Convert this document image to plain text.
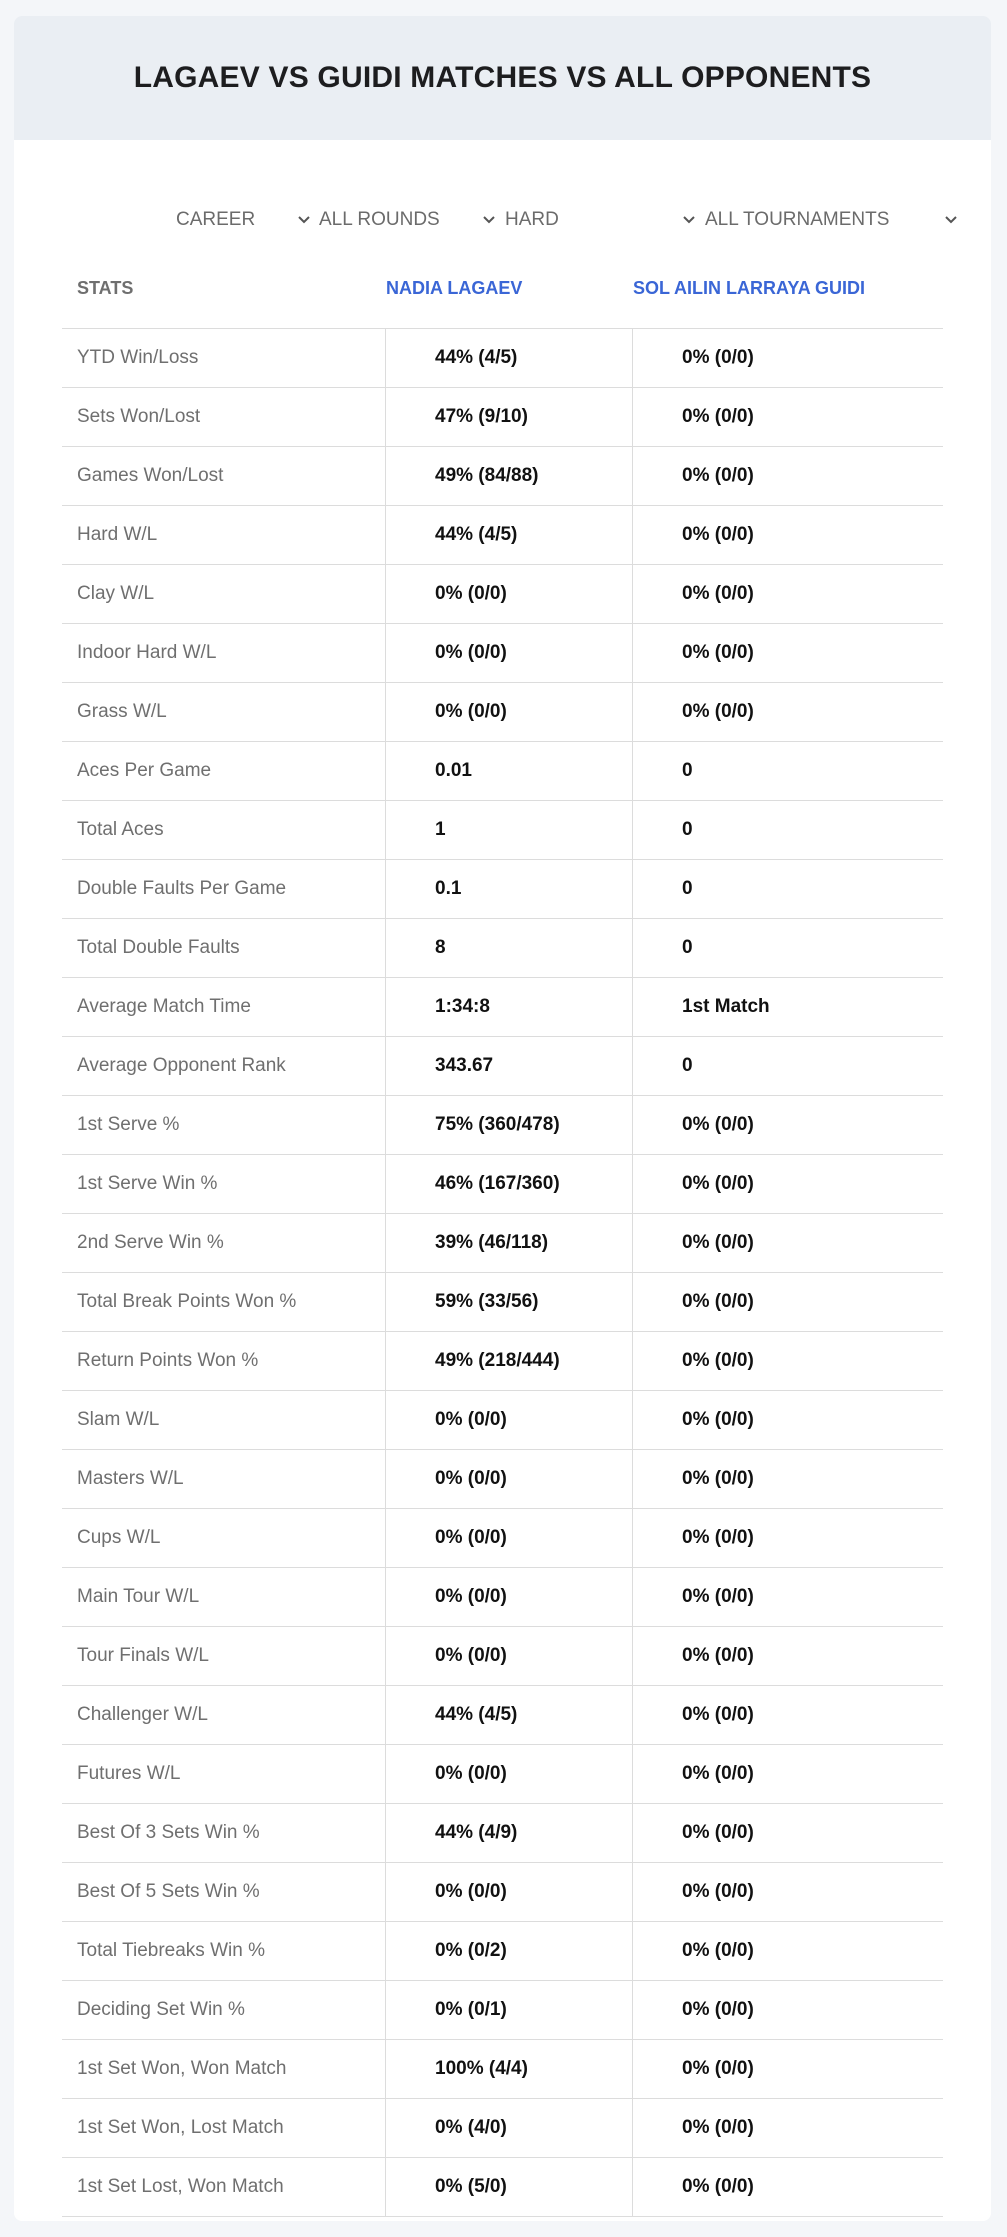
LAGAEV VS GUIDI MATCHES VS ALL OPPONENTS
CAREER	ALL ROUNDS	HARD	ALL TOURNAMENTS
STATS	NADIA LAGAEV	SOL AILIN LARRAYA GUIDI
YTD Win/Loss	44% (4/5)	0% (0/0)
Sets Won/Lost	47% (9/10)	0% (0/0)
Games Won/Lost	49% (84/88)	0% (0/0)
Hard W/L	44% (4/5)	0% (0/0)
Clay W/L	0% (0/0)	0% (0/0)
Indoor Hard W/L	0% (0/0)	0% (0/0)
Grass W/L	0% (0/0)	0% (0/0)
Aces Per Game	0.01	0
Total Aces	1	0
Double Faults Per Game	0.1	0
Total Double Faults	8	0
Average Match Time	1:34:8	1st Match
Average Opponent Rank	343.67	0
1st Serve %	75% (360/478)	0% (0/0)
1st Serve Win %	46% (167/360)	0% (0/0)
2nd Serve Win %	39% (46/118)	0% (0/0)
Total Break Points Won %	59% (33/56)	0% (0/0)
Return Points Won %	49% (218/444)	0% (0/0)
Slam W/L	0% (0/0)	0% (0/0)
Masters W/L	0% (0/0)	0% (0/0)
Cups W/L	0% (0/0)	0% (0/0)
Main Tour W/L	0% (0/0)	0% (0/0)
Tour Finals W/L	0% (0/0)	0% (0/0)
Challenger W/L	44% (4/5)	0% (0/0)
Futures W/L	0% (0/0)	0% (0/0)
Best Of 3 Sets Win %	44% (4/9)	0% (0/0)
Best Of 5 Sets Win %	0% (0/0)	0% (0/0)
Total Tiebreaks Win %	0% (0/2)	0% (0/0)
Deciding Set Win %	0% (0/1)	0% (0/0)
1st Set Won, Won Match	100% (4/4)	0% (0/0)
1st Set Won, Lost Match	0% (4/0)	0% (0/0)
1st Set Lost, Won Match	0% (5/0)	0% (0/0)
